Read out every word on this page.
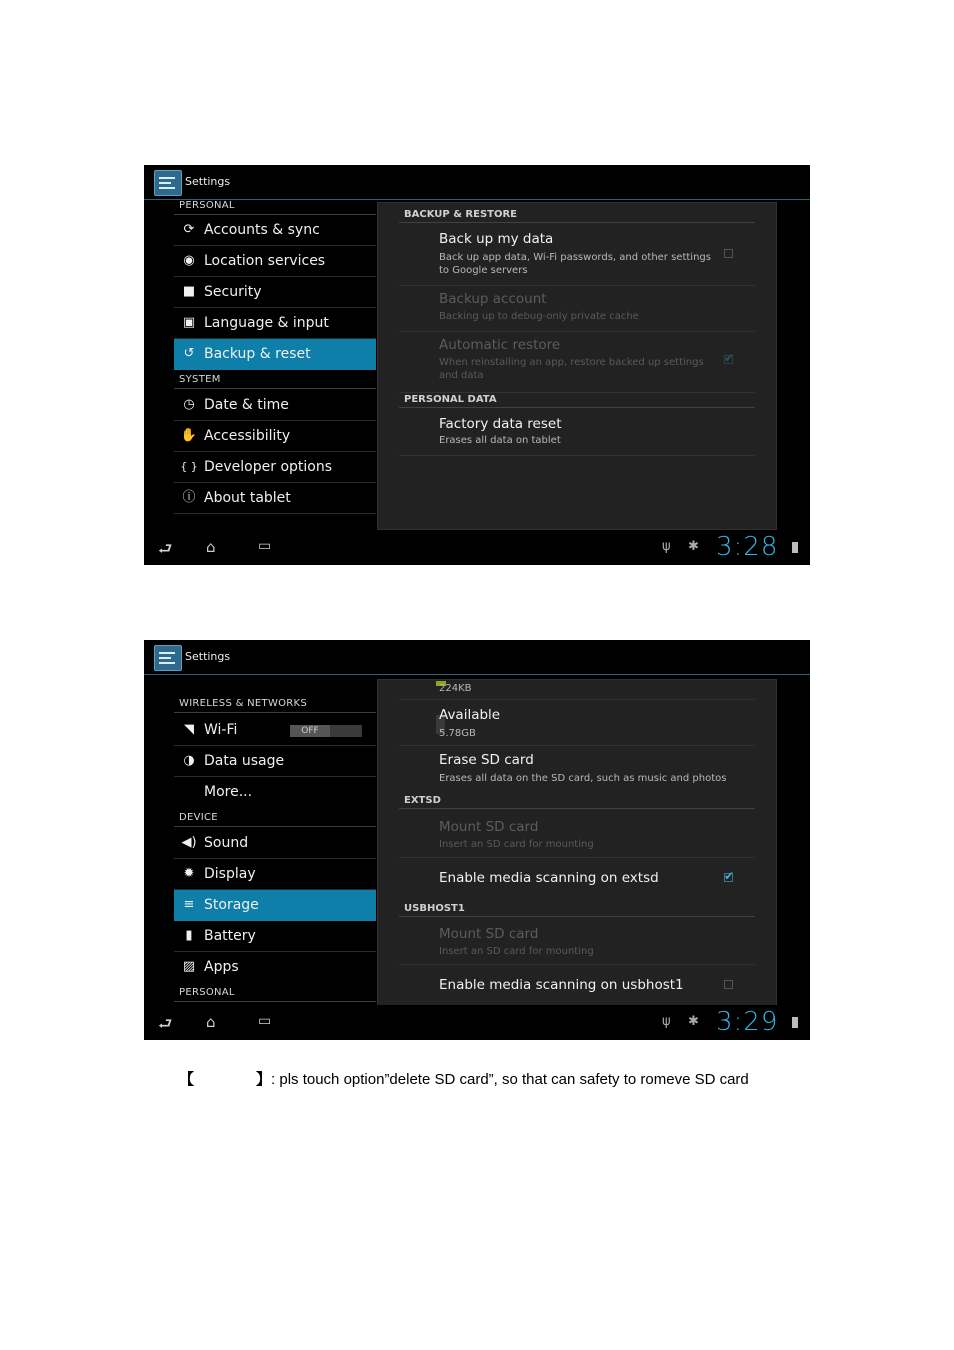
Settings
PERSONAL
⟳ Accounts & sync
◉ Location services
■ Security
▣ Language & input
↺ Backup & reset
SYSTEM
◷ Date & time
✋ Accessibility
{ } Developer options
ⓘ About tablet
BACKUP & RESTORE
Back up my data
Back up app data, Wi-Fi passwords, and other settings to Google servers
Backup account
Backing up to debug-only private cache
Automatic restore
When reinstalling an app, restore backed up settings and data
✔
PERSONAL DATA
Factory data reset
Erases all data on tablet
⮐ ⌂	▭	ψ ✱ 3:28
Settings
WIRELESS & NETWORKS
◥ Wi-Fi	OFF
◑ Data usage
More...
DEVICE
◀) Sound
✹ Display
≡ Storage
▮ Battery
▨ Apps
PERSONAL
224KB
Available
5.78GB
Erase SD card
Erases all data on the SD card, such as music and photos
EXTSD
Mount SD card
Insert an SD card for mounting
Enable media scanning on extsd
✔
USBHOST1
Mount SD card
Insert an SD card for mounting
Enable media scanning on usbhost1
⮐ ⌂	▭	ψ ✱ 3:29
【	】: pls touch option”delete SD card”, so that can safety to romeve SD card
